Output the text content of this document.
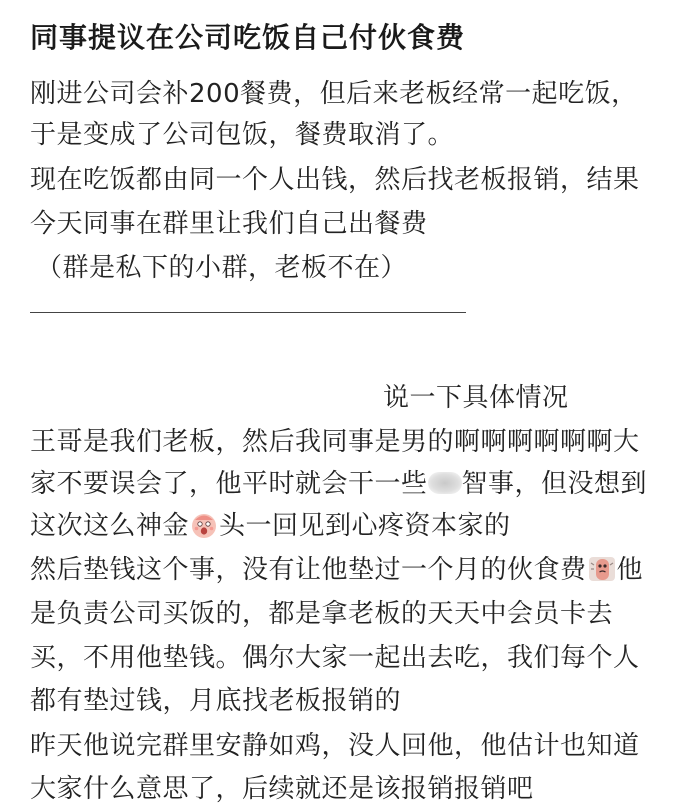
同事提议在公司吃饭自己付伙食费
刚进公司会补200餐费，但后来老板经常一起吃饭，
于是变成了公司包饭，餐费取消了。
现在吃饭都由同一个人出钱，然后找老板报销，结果
今天同事在群里让我们自己出餐费
（群是私下的小群，老板不在）
说一下具体情况
王哥是我们老板，然后我同事是男的啊啊啊啊啊啊大
家不要误会了，他平时就会干一些 智事，但没想到
这次这么神金 头一回见到心疼资本家的
然后垫钱这个事，没有让他垫过一个月的伙食费 他
是负责公司买饭的，都是拿老板的天天中会员卡去
买，不用他垫钱。偶尔大家一起出去吃，我们每个人
都有垫过钱，月底找老板报销的
昨天他说完群里安静如鸡，没人回他，他估计也知道
大家什么意思了，后续就还是该报销报销吧
